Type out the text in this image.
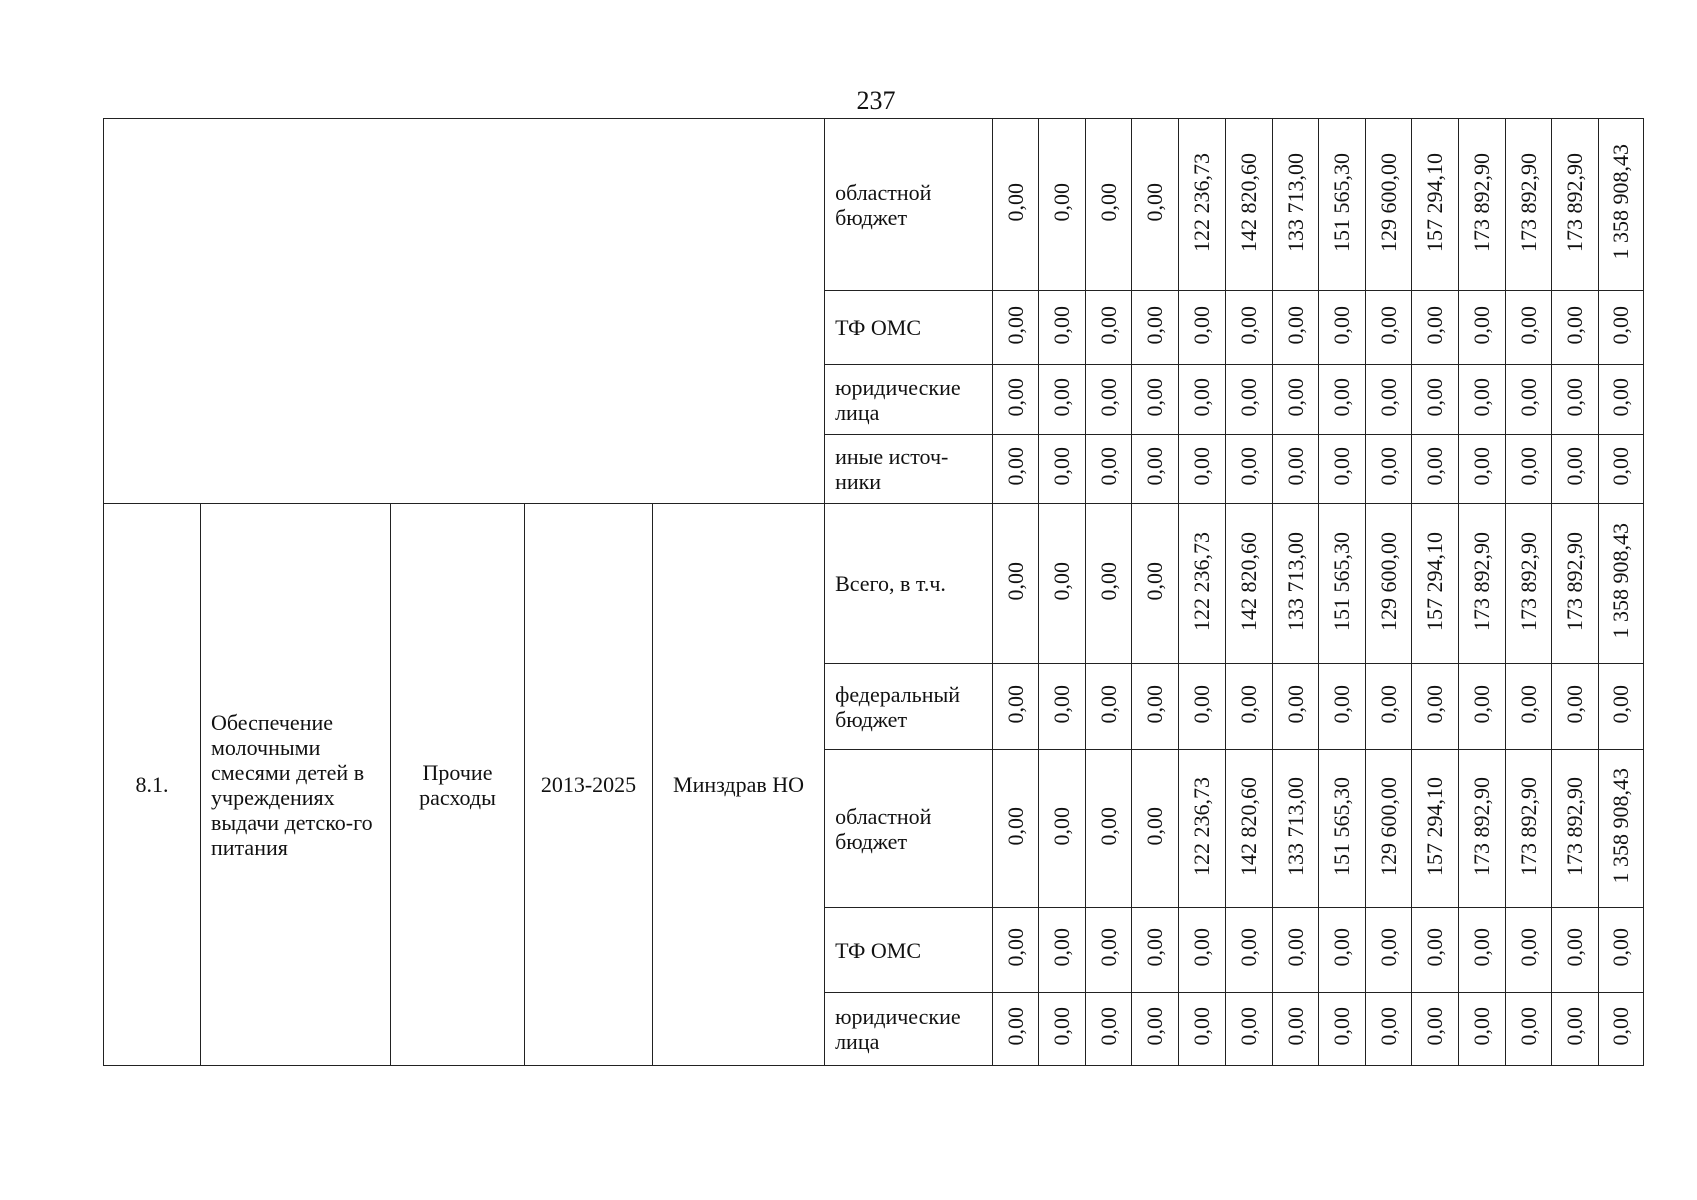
237
					областной бюджет	0,00	0,00	0,00	0,00	122 236,73	142 820,60	133 713,00	151 565,30	129 600,00	157 294,10	173 892,90	173 892,90	173 892,90	1 358 908,43
					ТФ ОМС	0,00	0,00	0,00	0,00	0,00	0,00	0,00	0,00	0,00	0,00	0,00	0,00	0,00	0,00
					юридические лица	0,00	0,00	0,00	0,00	0,00	0,00	0,00	0,00	0,00	0,00	0,00	0,00	0,00	0,00
					иные источ-ники	0,00	0,00	0,00	0,00	0,00	0,00	0,00	0,00	0,00	0,00	0,00	0,00	0,00	0,00
8.1.	Обеспечение молочными смесями детей в учреждениях выдачи детско-го питания	Прочие расходы	2013-2025	Минздрав НО	Всего, в т.ч.	0,00	0,00	0,00	0,00	122 236,73	142 820,60	133 713,00	151 565,30	129 600,00	157 294,10	173 892,90	173 892,90	173 892,90	1 358 908,43
					федеральный бюджет	0,00	0,00	0,00	0,00	0,00	0,00	0,00	0,00	0,00	0,00	0,00	0,00	0,00	0,00
					областной бюджет	0,00	0,00	0,00	0,00	122 236,73	142 820,60	133 713,00	151 565,30	129 600,00	157 294,10	173 892,90	173 892,90	173 892,90	1 358 908,43
					ТФ ОМС	0,00	0,00	0,00	0,00	0,00	0,00	0,00	0,00	0,00	0,00	0,00	0,00	0,00	0,00
					юридические лица	0,00	0,00	0,00	0,00	0,00	0,00	0,00	0,00	0,00	0,00	0,00	0,00	0,00	0,00
